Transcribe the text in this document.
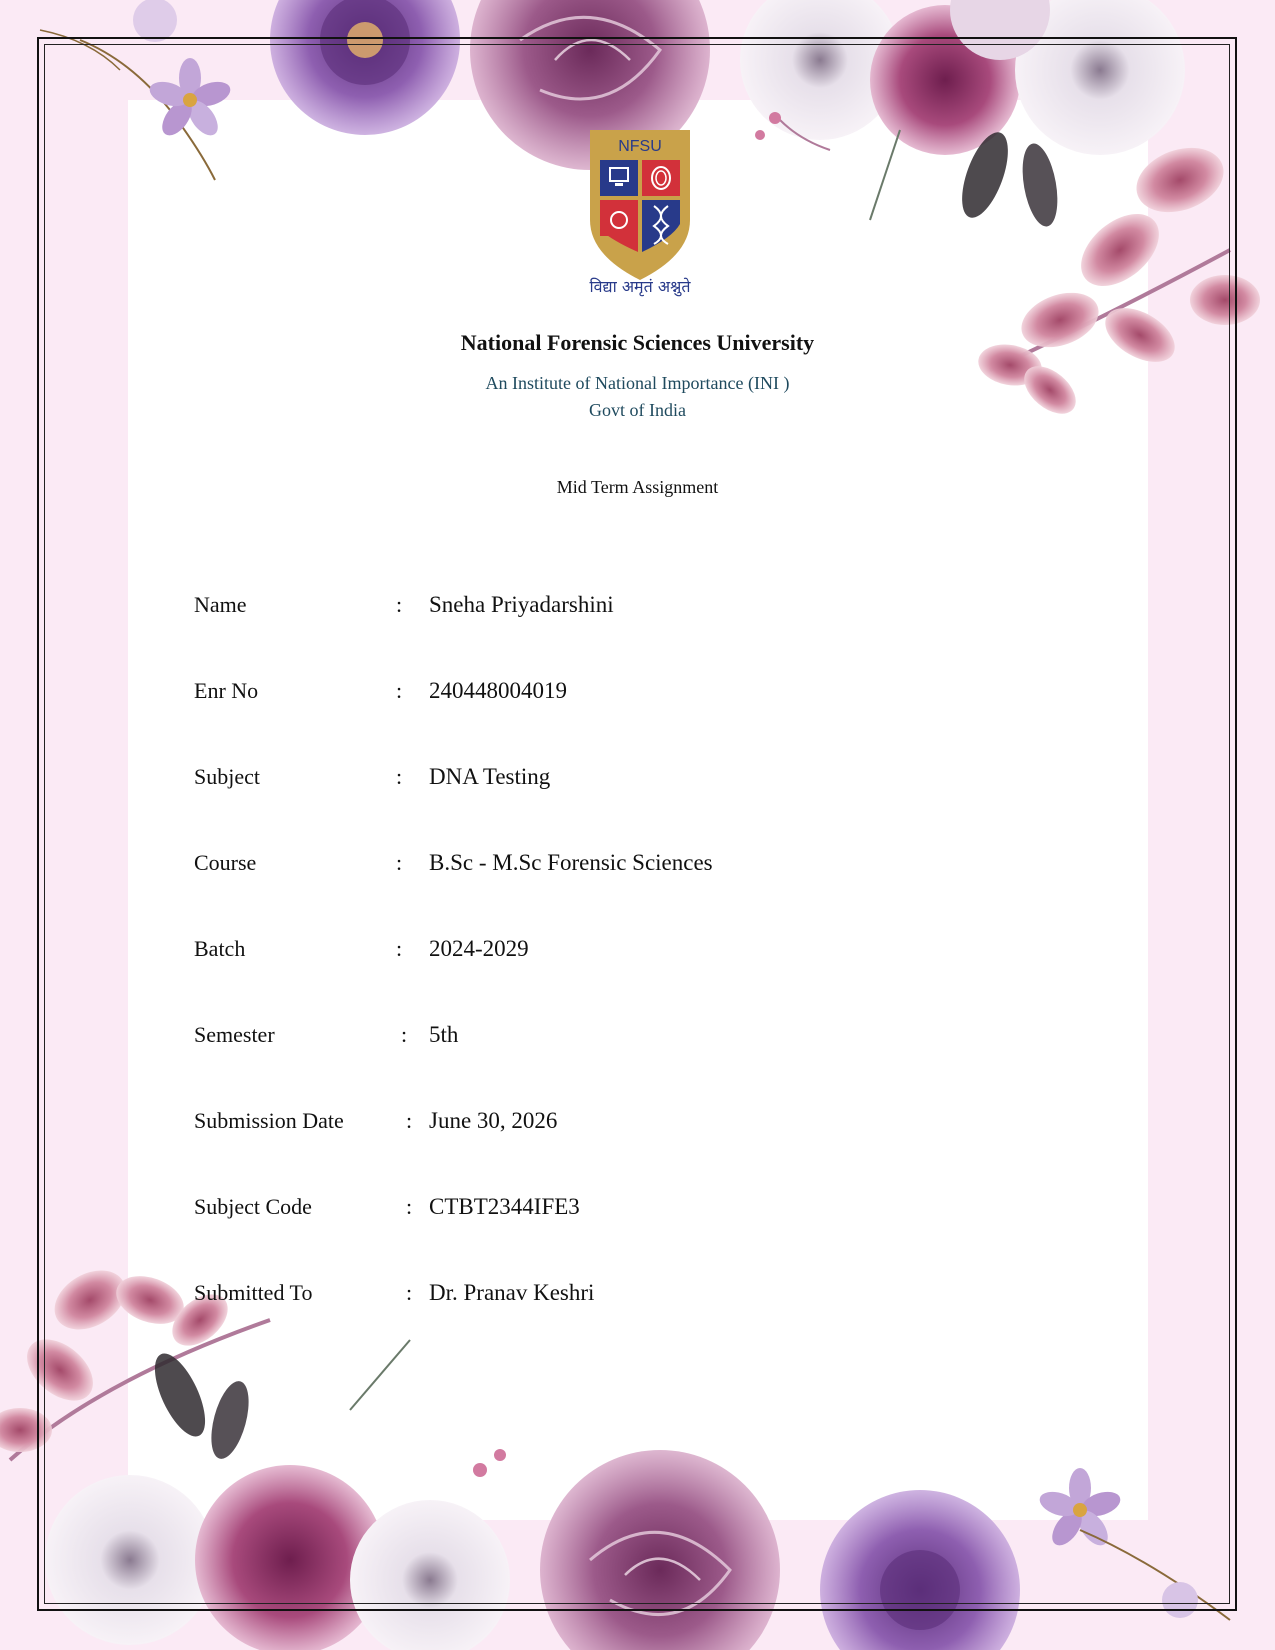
NFSU
विद्या अमृतं अश्नुते
National Forensic Sciences University
An Institute of National Importance (INI )
Govt of India
Mid Term Assignment
Name	: Sneha Priyadarshini
Enr No	: 240448004019
Subject	: DNA Testing
Course	: B.Sc - M.Sc Forensic Sciences
Batch	: 2024-2029
Semester	: 5th
Submission Date	: June 30, 2026
Subject Code	: CTBT2344IFE3
Submitted To	: Dr. Pranav Keshri
